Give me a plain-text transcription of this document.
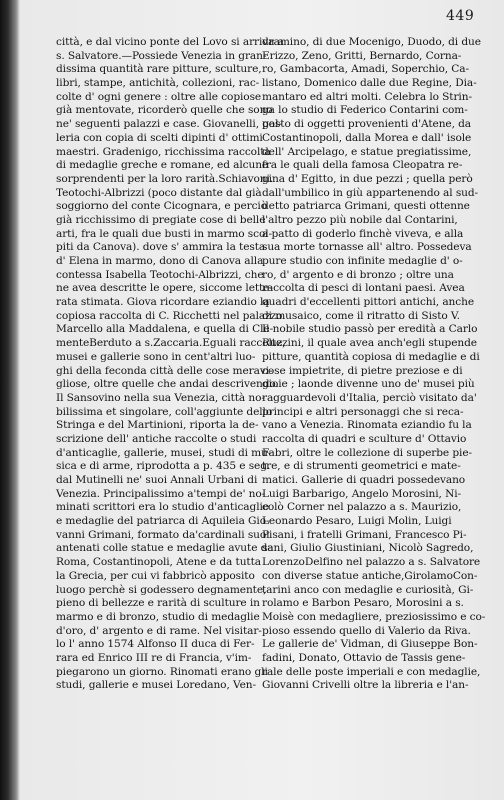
449
città, e dal vicino ponte del Lovo si arriva a
s. Salvatore.—Possiede Venezia in gran-
dissima quantità rare pitture, sculture,
libri, stampe, antichità, collezioni, rac-
colte d' ogni genere : oltre alle copiose
già mentovate, ricorderò quelle che sono
ne' seguenti palazzi e case. Giovanelli, gal-
leria con copia di scelti dipinti d' ottimi
maestri. Gradenigo, ricchissima raccolta
di medaglie greche e romane, ed alcune
sorprendenti per la loro rarità.Schiavoni.
Teotochi-Albrizzi (poco distante dal già
soggiorno del conte Cicognara, e perciò
già ricchissimo di pregiate cose di belle
arti, fra le quali due busti in marmo scol-
piti da Canova). dove s' ammira la testa
d' Elena in marmo, dono di Canova alla
contessa Isabella Teotochi-Albrizzi, che
ne avea descritte le opere, siccome lette-
rata stimata. Giova ricordare eziandio la
copiosa raccolta di C. Ricchetti nel palazzo
Marcello alla Maddalena, e quella di Cle-
menteBerduto a s.Zaccaria.Eguali raccolte,
musei e gallerie sono in cent'altri luo-
ghi della feconda città delle cose meravi-
gliose, oltre quelle che andai descrivendo.
Il Sansovino nella sua Venezia, città no-
bilissima et singolare, coll'aggiunte dello
Stringa e del Martinioni, riporta la de-
scrizione dell' antiche raccolte o studi
d'anticaglie, gallerie, musei, studi di mu-
sica e di arme, riprodotta a p. 435 e seg.
dal Mutinelli ne' suoi Annali Urbani di
Venezia. Principalissimo a'tempi de' no-
minati scrittori era lo studio d'anticaglie
e medaglie del patriarca di Aquileia Gio-
vanni Grimani, formato da'cardinali suoi
antenati colle statue e medaglie avute da
Roma, Costantinopoli, Atene e da tutta
la Grecia, per cui vi fabbricò apposito
luogo perchè si godessero degnamente,
pieno di bellezze e rarità di sculture in
marmo e di bronzo, studio di medaglie
d'oro, d' argento e di rame. Nel visitar-
lo l' anno 1574 Alfonso II duca di Fer-
rara ed Enrico III re di Francia, v'im-
piegarono un giorno. Rinomati erano gli
studi, gallerie e musei Loredano, Ven-
dramino, di due Mocenigo, Duodo, di due
Erizzo, Zeno, Gritti, Bernardo, Corna-
ro, Gambacorta, Amadi, Soperchio, Ca-
listano, Domenico dalle due Regine, Dia-
mantaro ed altri molti. Celebra lo Strin-
ga lo studio di Federico Contarini com-
posto di oggetti provenienti d'Atene, da
Costantinopoli, dalla Morea e dall' isole
dell' Arcipelago, e statue pregiatissime,
fra le quali della famosa Cleopatra re-
gina d' Egitto, in due pezzi ; quella però
dall'umbilico in giù appartenendo al sud-
detto patriarca Grimani, questi ottenne
l'altro pezzo più nobile dal Contarini,
a patto di goderlo finchè viveva, e alla
sua morte tornasse all' altro. Possedeva
pure studio con infinite medaglie d' o-
ro, d' argento e di bronzo ; oltre una
raccolta di pesci di lontani paesi. Avea
quadri d'eccellenti pittori antichi, anche
di musaico, come il ritratto di Sisto V.
Il nobile studio passò per eredità a Carlo
Ruzzini, il quale avea anch'egli stupende
pitture, quantità copiosa di medaglie e di
cose impietrite, di pietre preziose e di
gioie ; laonde divenne uno de' musei più
ragguardevoli d'Italia, perciò visitato da'
principi e altri personaggi che si reca-
vano a Venezia. Rinomata eziandio fu la
raccolta di quadri e sculture d' Ottavio
Fabri, oltre le collezione di superbe pie-
tre, e di strumenti geometrici e mate-
matici. Gallerie di quadri possedevano
Luigi Barbarigo, Angelo Morosini, Ni-
colò Corner nel palazzo a s. Maurizio,
Leonardo Pesaro, Luigi Molin, Luigi
Pisani, i fratelli Grimani, Francesco Pi-
sani, Giulio Giustiniani, Nicolò Sagredo,
LorenzoDelfino nel palazzo a s. Salvatore
con diverse statue antiche,GirolamoCon-
tarini anco con medaglie e curiosità, Gi-
rolamo e Barbon Pesaro, Morosini a s.
Moisè con medagliere, preziosissimo e co-
pioso essendo quello di Valerio da Riva.
Le gallerie de' Vidman, di Giuseppe Bon-
fadini, Donato, Ottavio de Tassis gene-
rale delle poste imperiali e con medaglie,
Giovanni Crivelli oltre la libreria e l'an-
